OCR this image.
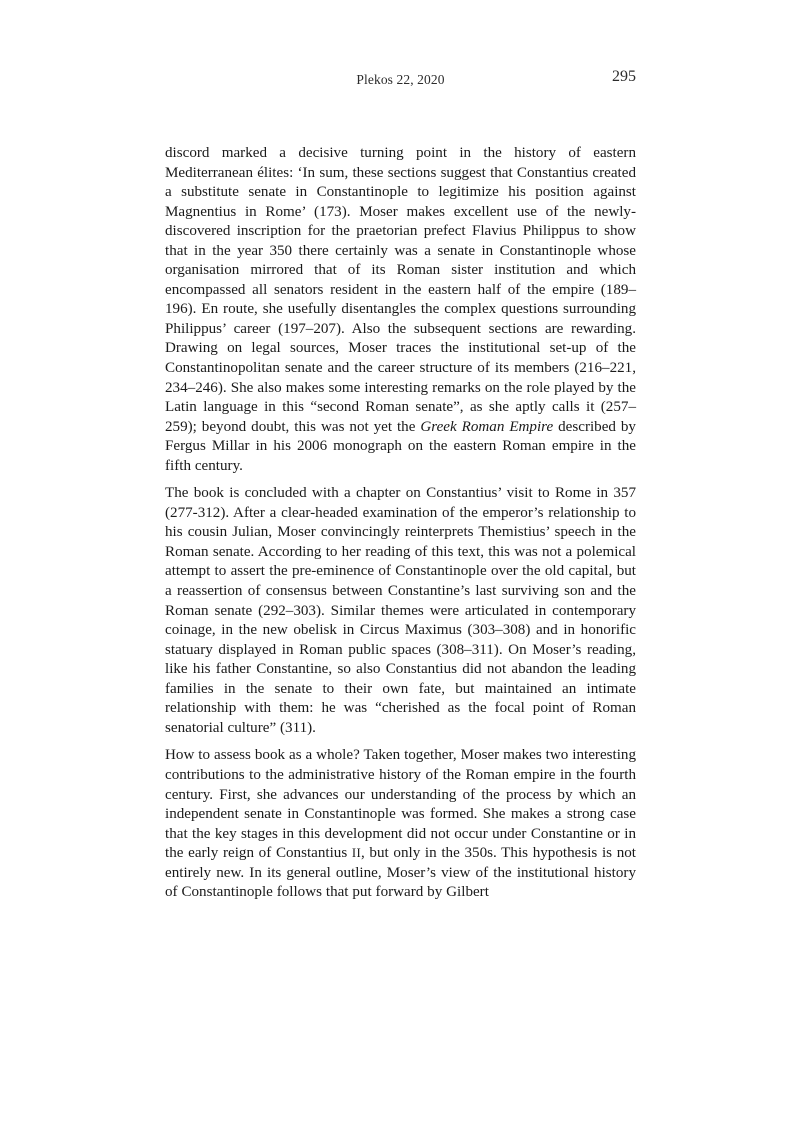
Plekos 22, 2020	295

discord marked a decisive turning point in the history of eastern Mediterranean élites: ‘In sum, these sections suggest that Constantius created a substitute senate in Constantinople to legitimize his position against Magnentius in Rome’ (173). Moser makes excellent use of the newly-discovered inscription for the praetorian prefect Flavius Philippus to show that in the year 350 there certainly was a senate in Constantinople whose organisation mirrored that of its Roman sister institution and which encompassed all senators resident in the eastern half of the empire (189–196). En route, she usefully disentangles the complex questions surrounding Philippus’ career (197–207). Also the subsequent sections are rewarding. Drawing on legal sources, Moser traces the institutional set-up of the Constantinopolitan senate and the career structure of its members (216–221, 234–246). She also makes some interesting remarks on the role played by the Latin language in this “second Roman senate”, as she aptly calls it (257–259); beyond doubt, this was not yet the Greek Roman Empire described by Fergus Millar in his 2006 monograph on the eastern Roman empire in the fifth century.

The book is concluded with a chapter on Constantius’ visit to Rome in 357 (277-312). After a clear-headed examination of the emperor’s relationship to his cousin Julian, Moser convincingly reinterprets Themistius’ speech in the Roman senate. According to her reading of this text, this was not a polemical attempt to assert the pre-eminence of Constantinople over the old capital, but a reassertion of consensus between Constantine’s last surviving son and the Roman senate (292–303). Similar themes were articulated in contemporary coinage, in the new obelisk in Circus Maximus (303–308) and in honorific statuary displayed in Roman public spaces (308–311). On Moser’s reading, like his father Constantine, so also Constantius did not abandon the leading families in the senate to their own fate, but maintained an intimate relationship with them: he was “cherished as the focal point of Roman senatorial culture” (311).

How to assess book as a whole? Taken together, Moser makes two interesting contributions to the administrative history of the Roman empire in the fourth century. First, she advances our understanding of the process by which an independent senate in Constantinople was formed. She makes a strong case that the key stages in this development did not occur under Constantine or in the early reign of Constantius II, but only in the 350s. This hypothesis is not entirely new. In its general outline, Moser’s view of the institutional history of Constantinople follows that put forward by Gilbert
